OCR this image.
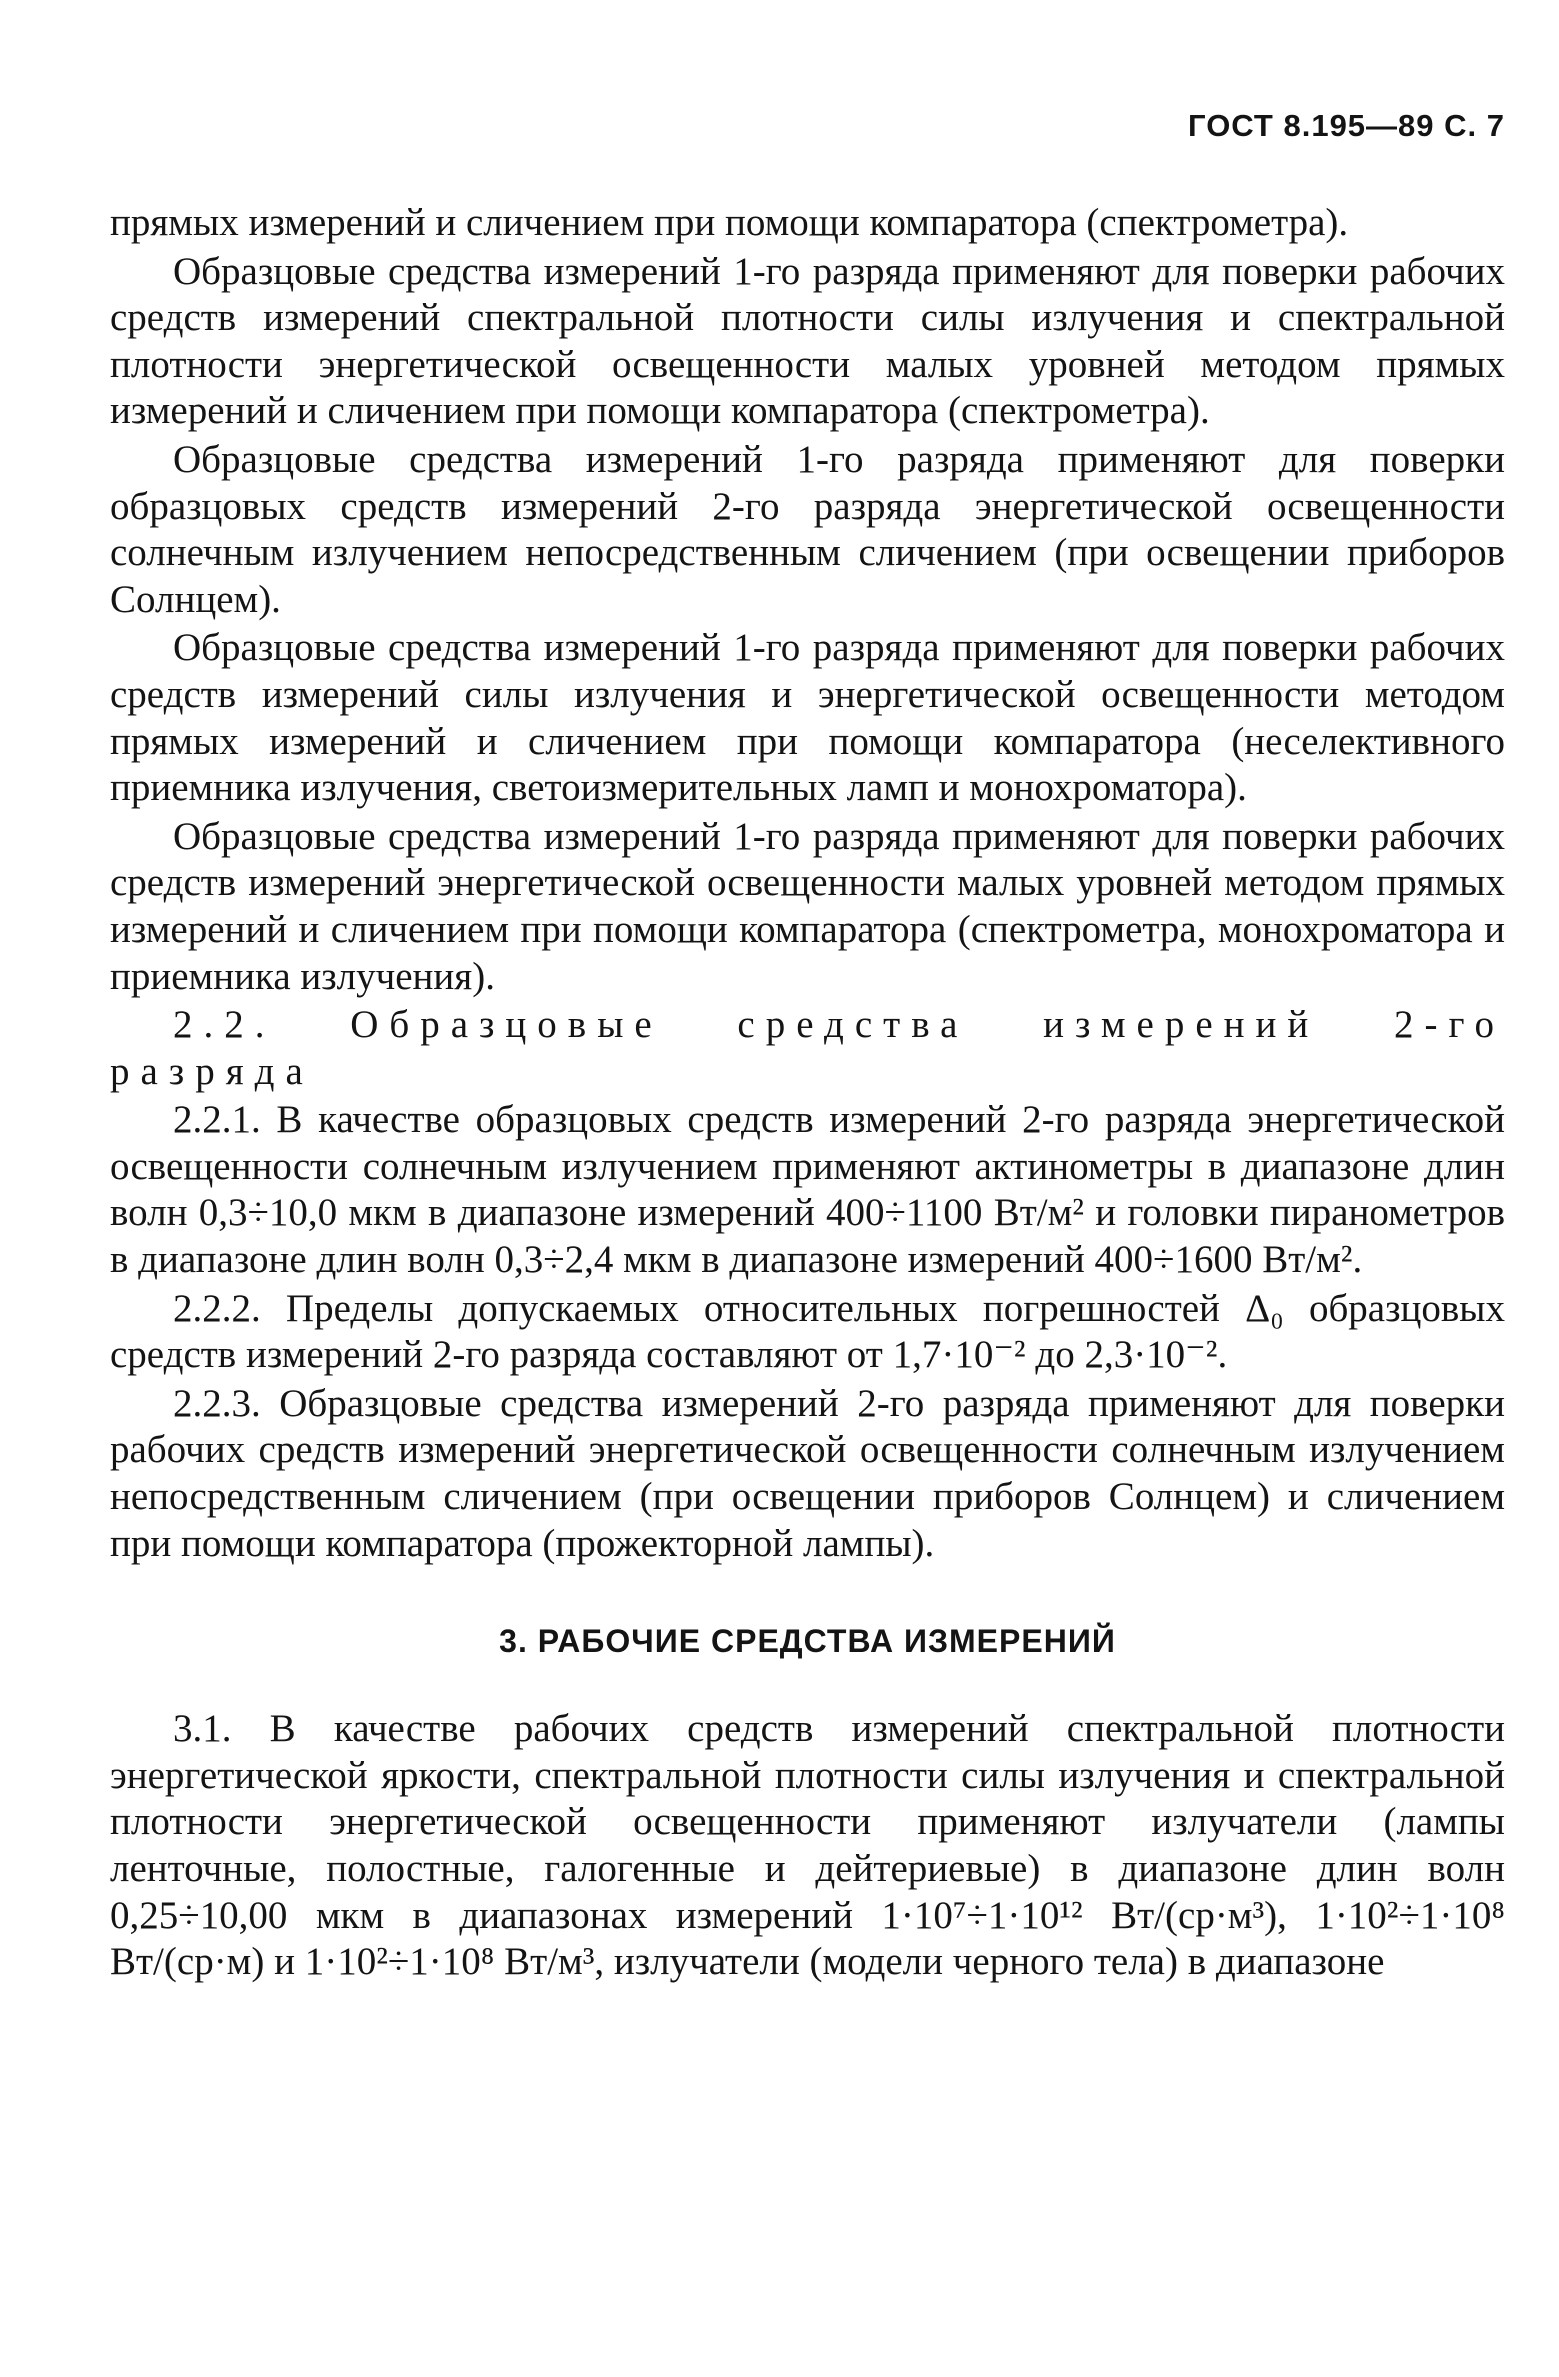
ГОСТ 8.195—89 С. 7

прямых измерений и сличением при помощи компаратора (спектрометра).

Образцовые средства измерений 1-го разряда применяют для поверки рабочих средств измерений спектральной плотности силы излучения и спектральной плотности энергетической освещенности малых уровней методом прямых измерений и сличением при помощи компаратора (спектрометра).

Образцовые средства измерений 1-го разряда применяют для поверки образцовых средств измерений 2-го разряда энергетической освещенности солнечным излучением непосредственным сличением (при освещении приборов Солнцем).

Образцовые средства измерений 1-го разряда применяют для поверки рабочих средств измерений силы излучения и энергетической освещенности методом прямых измерений и сличением при помощи компаратора (неселективного приемника излучения, светоизмерительных ламп и монохроматора).

Образцовые средства измерений 1-го разряда применяют для поверки рабочих средств измерений энергетической освещенности малых уровней методом прямых измерений и сличением при помощи компаратора (спектрометра, монохроматора и приемника излучения).

2.2. Образцовые средства измерений 2-го разряда

2.2.1. В качестве образцовых средств измерений 2-го разряда энергетической освещенности солнечным излучением применяют актинометры в диапазоне длин волн 0,3÷10,0 мкм в диапазоне измерений 400÷1100 Вт/м² и головки пиранометров в диапазоне длин волн 0,3÷2,4 мкм в диапазоне измерений 400÷1600 Вт/м².

2.2.2. Пределы допускаемых относительных погрешностей Δ₀ образцовых средств измерений 2-го разряда составляют от 1,7·10⁻² до 2,3·10⁻².

2.2.3. Образцовые средства измерений 2-го разряда применяют для поверки рабочих средств измерений энергетической освещенности солнечным излучением непосредственным сличением (при освещении приборов Солнцем) и сличением при помощи компаратора (прожекторной лампы).

3. РАБОЧИЕ СРЕДСТВА ИЗМЕРЕНИЙ

3.1. В качестве рабочих средств измерений спектральной плотности энергетической яркости, спектральной плотности силы излучения и спектральной плотности энергетической освещенности применяют излучатели (лампы ленточные, полостные, галогенные и дейтериевые) в диапазоне длин волн 0,25÷10,00 мкм в диапазонах измерений 1·10⁷÷1·10¹² Вт/(ср·м³), 1·10²÷1·10⁸ Вт/(ср·м) и 1·10²÷1·10⁸ Вт/м³, излучатели (модели черного тела) в диапазоне
